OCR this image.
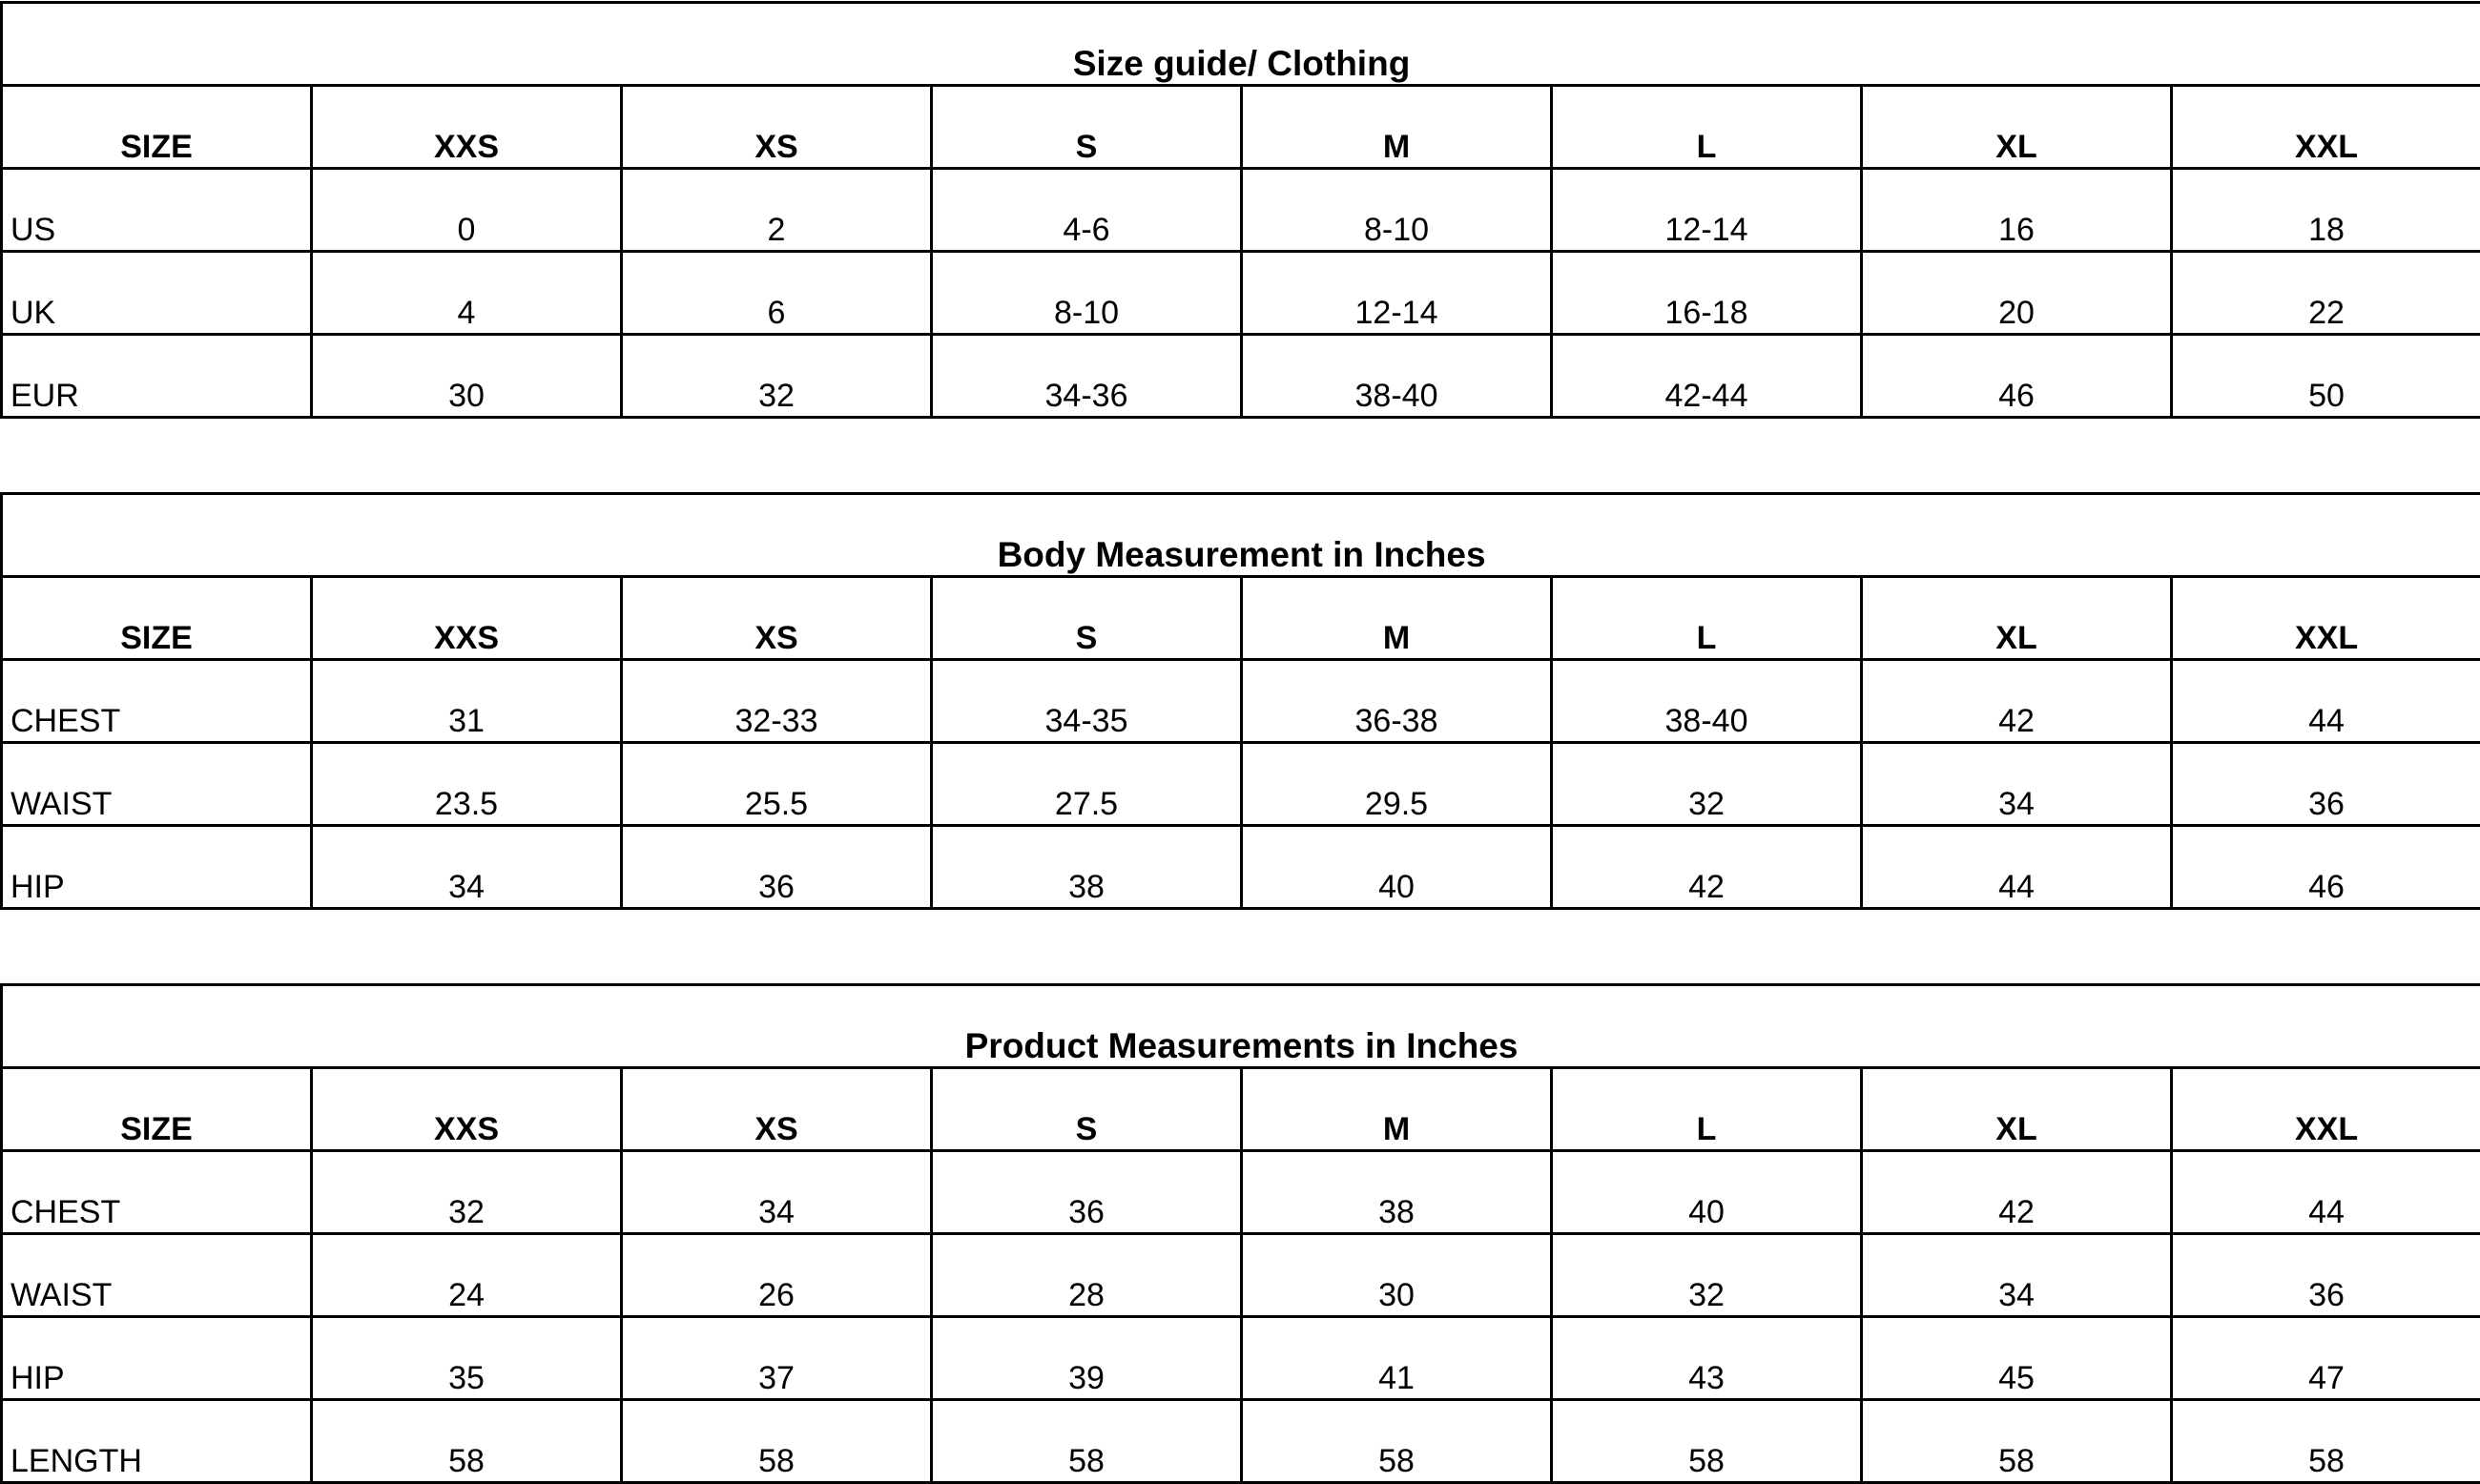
Size guide/ Clothing							
SIZE	XXS	XS	S	M	L	XL	XXL
US	0	2	4-6	8-10	12-14	16	18
UK	4	6	8-10	12-14	16-18	20	22
EUR	30	32	34-36	38-40	42-44	46	50
Body Measurement in Inches							
SIZE	XXS	XS	S	M	L	XL	XXL
CHEST	31	32-33	34-35	36-38	38-40	42	44
WAIST	23.5	25.5	27.5	29.5	32	34	36
HIP	34	36	38	40	42	44	46
Product Measurements in Inches							
SIZE	XXS	XS	S	M	L	XL	XXL
CHEST	32	34	36	38	40	42	44
WAIST	24	26	28	30	32	34	36
HIP	35	37	39	41	43	45	47
LENGTH	58	58	58	58	58	58	58
